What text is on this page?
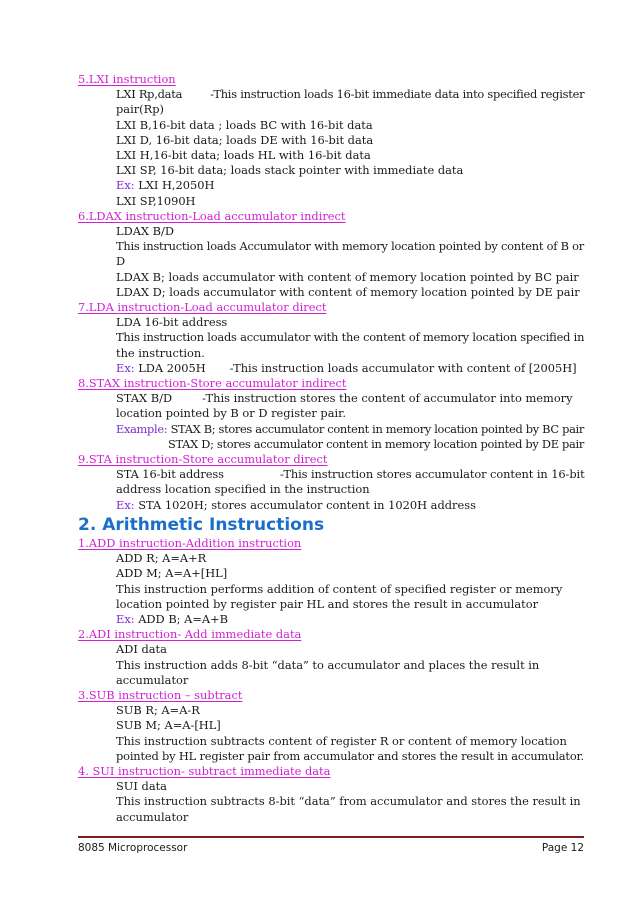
5.LXI instruction
LXI Rp,data -This instruction loads 16-bit immediate data into specified register
pair(Rp)
LXI B,16-bit data ; loads BC with 16-bit data
LXI D, 16-bit data; loads DE with 16-bit data
LXI H,16-bit data; loads HL with 16-bit data
LXI SP, 16-bit data; loads stack pointer with immediate data
Ex: LXI H,2050H
LXI SP,1090H
6.LDAX instruction-Load accumulator indirect
LDAX B/D
This instruction loads Accumulator with memory location pointed by content of B or
D
LDAX B; loads accumulator with content of memory location pointed by BC pair
LDAX D; loads accumulator with content of memory location pointed by DE pair
7.LDA instruction-Load accumulator direct
LDA 16-bit address
This instruction loads accumulator with the content of memory location specified in
the instruction.
Ex: LDA 2005H -This instruction loads accumulator with content of [2005H]
8.STAX instruction-Store accumulator indirect
STAX B/D	-This instruction stores the content of accumulator into memory
location pointed by B or D register pair.
Example: STAX B; stores accumulator content in memory location pointed by BC pair
STAX D; stores accumulator content in memory location pointed by DE pair
9.STA instruction-Store accumulator direct
STA 16-bit address	-This instruction stores accumulator content in 16-bit
address location specified in the instruction
Ex: STA 1020H; stores accumulator content in 1020H address
2. Arithmetic Instructions
1.ADD instruction-Addition instruction
ADD R; A=A+R
ADD M; A=A+[HL]
This instruction performs addition of content of specified register or memory
location pointed by register pair HL and stores the result in accumulator
Ex: ADD B; A=A+B
2.ADI instruction- Add immediate data
ADI data
This instruction adds 8-bit “data” to accumulator and places the result in
accumulator
3.SUB instruction – subtract
SUB R; A=A-R
SUB M; A=A-[HL]
This instruction subtracts content of register R or content of memory location
pointed by HL register pair from accumulator and stores the result in accumulator.
4. SUI instruction- subtract immediate data
SUI data
This instruction subtracts 8-bit “data” from accumulator and stores the result in
accumulator
8085 Microprocessor	Page 12
